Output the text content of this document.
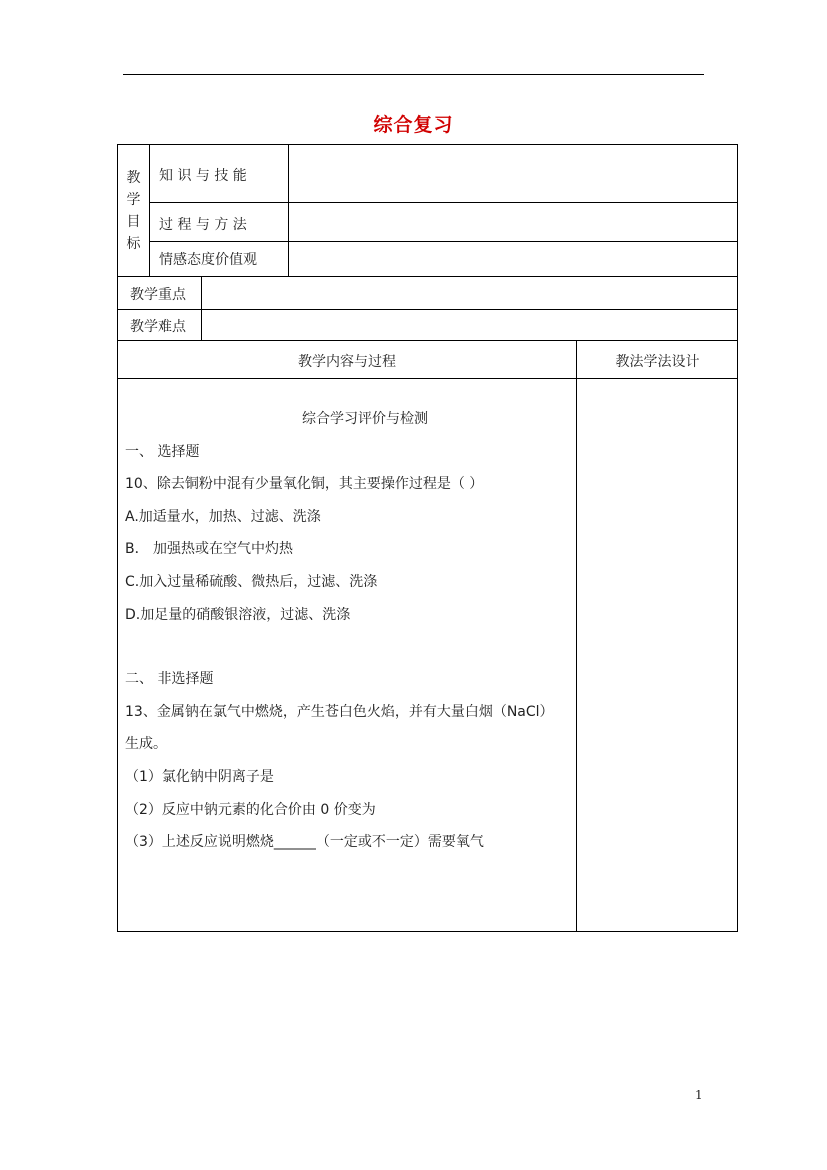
综合复习
教学目标
知 识 与 技 能
过 程 与 方 法
情感态度价值观
教学重点
教学难点
教学内容与过程	教法学法设计
综合学习评价与检测
一、 选择题
10、除去铜粉中混有少量氧化铜，其主要操作过程是（ ）
A.加适量水，加热、过滤、洗涤
B． 加强热或在空气中灼热
C.加入过量稀硫酸、微热后，过滤、洗涤
D.加足量的硝酸银溶液，过滤、洗涤
二、 非选择题
13、金属钠在氯气中燃烧，产生苍白色火焰，并有大量白烟（NaCl）
生成。
（1）氯化钠中阴离子是
（2）反应中钠元素的化合价由 0 价变为
（3）上述反应说明燃烧______（一定或不一定）需要氧气
1
